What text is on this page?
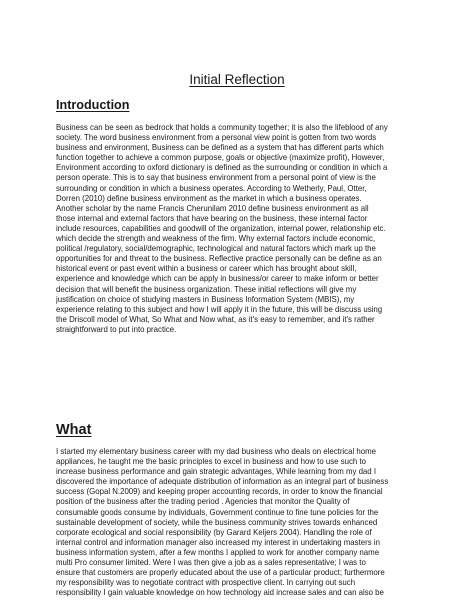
Initial Reflection
Introduction
Business can be seen as bedrock that holds a community together; it is also the lifeblood of any
society. The word business environment from a personal view point is gotten from two words
business and environment, Business can be defined as a system that has different parts which
function together to achieve a common purpose, goals or objective (maximize profit), However,
Environment according to oxford dictionary is defined as the surrounding or condition in which a
person operate. This is to say that business environment from a personal point of view is the
surrounding or condition in which a business operates. According to Wetherly, Paul, Otter,
Dorren (2010) define business environment as the market in which a business operates.
Another scholar by the name Francis Cherunilam 2010 define business environment as all
those internal and external factors that have bearing on the business, these internal factor
include resources, capabilities and goodwill of the organization, internal power, relationship etc.
which decide the strength and weakness of the firm. Why external factors include economic,
political /regulatory, social/demographic, technological and natural factors which mark up the
opportunities for and threat to the business. Reflective practice personally can be define as an
historical event or past event within a business or career which has brought about skill,
experience and knowledge which can be apply in business/or career to make inform or better
decision that will benefit the business organization. These initial reflections will give my
justification on choice of studying masters in Business Information System (MBIS), my
experience relating to this subject and how I will apply it in the future, this will be discuss using
the Driscoll model of What, So What and Now what, as it's easy to remember, and it's rather
straightforward to put into practice.
What
I started my elementary business career with my dad business who deals on electrical home
appliances, he taught me the basic principles to excel in business and how to use such to
increase business performance and gain strategic advantages, While learning from my dad I
discovered the importance of adequate distribution of information as an integral part of business
success (Gopal N.2009) and keeping proper accounting records, in order to know the financial
position of the business after the trading period . Agencies that monitor the Quality of
consumable goods consume by individuals, Government continue to fine tune policies for the
sustainable development of society, while the business community strives towards enhanced
corporate ecological and social responsibility (by Garard Keljers 2004). Handling the role of
internal control and information manager also increased my interest in undertaking masters in
business information system, after a few months I applied to work for another company name
multi Pro consumer limited. Were I was then give a job as a sales representative; I was to
ensure that customers are properly educated about the use of a particular product; furthermore
my responsibility was to negotiate contract with prospective client. In carrying out such
responsibility I gain valuable knowledge on how technology aid increase sales and can also be
